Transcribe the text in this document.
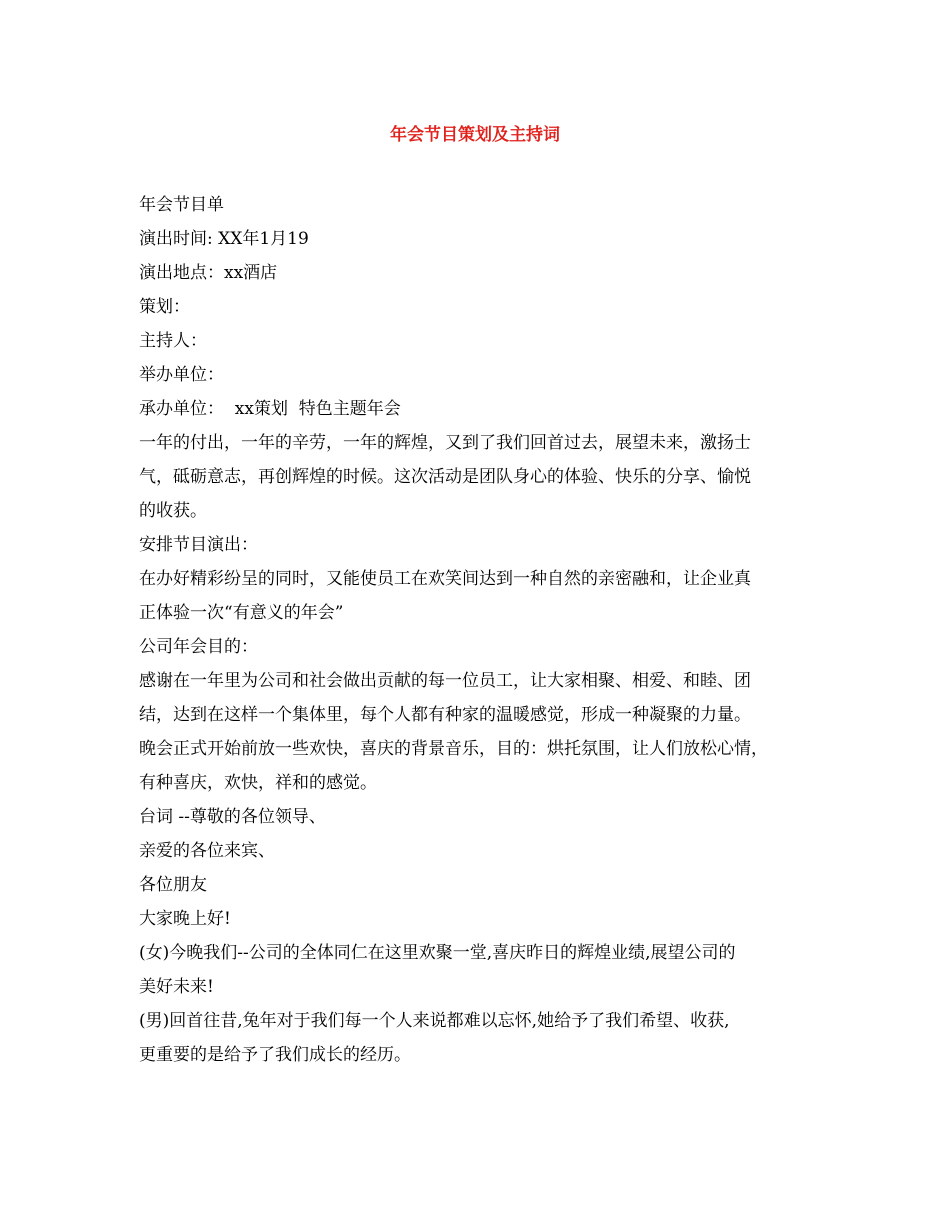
年会节目策划及主持词
年会节目单
演出时间: XX年1月19
演出地点：xx酒店
策划：
主持人：
举办单位：
承办单位：  xx策划  特色主题年会
一年的付出，一年的辛劳，一年的辉煌，又到了我们回首过去，展望未来，激扬士
气，砥砺意志，再创辉煌的时候。这次活动是团队身心的体验、快乐的分享、愉悦
的收获。
安排节目演出：
在办好精彩纷呈的同时，又能使员工在欢笑间达到一种自然的亲密融和，让企业真
正体验一次“有意义的年会”
公司年会目的：
感谢在一年里为公司和社会做出贡献的每一位员工，让大家相聚、相爱、和睦、团
结，达到在这样一个集体里，每个人都有种家的温暖感觉，形成一种凝聚的力量。
晚会正式开始前放一些欢快，喜庆的背景音乐，目的：烘托氛围，让人们放松心情，
有种喜庆，欢快，祥和的感觉。
台词 --尊敬的各位领导、
亲爱的各位来宾、
各位朋友
大家晚上好!
(女)今晚我们--公司的全体同仁在这里欢聚一堂,喜庆昨日的辉煌业绩,展望公司的
美好未来!
(男)回首往昔,兔年对于我们每一个人来说都难以忘怀,她给予了我们希望、收获,
更重要的是给予了我们成长的经历。
